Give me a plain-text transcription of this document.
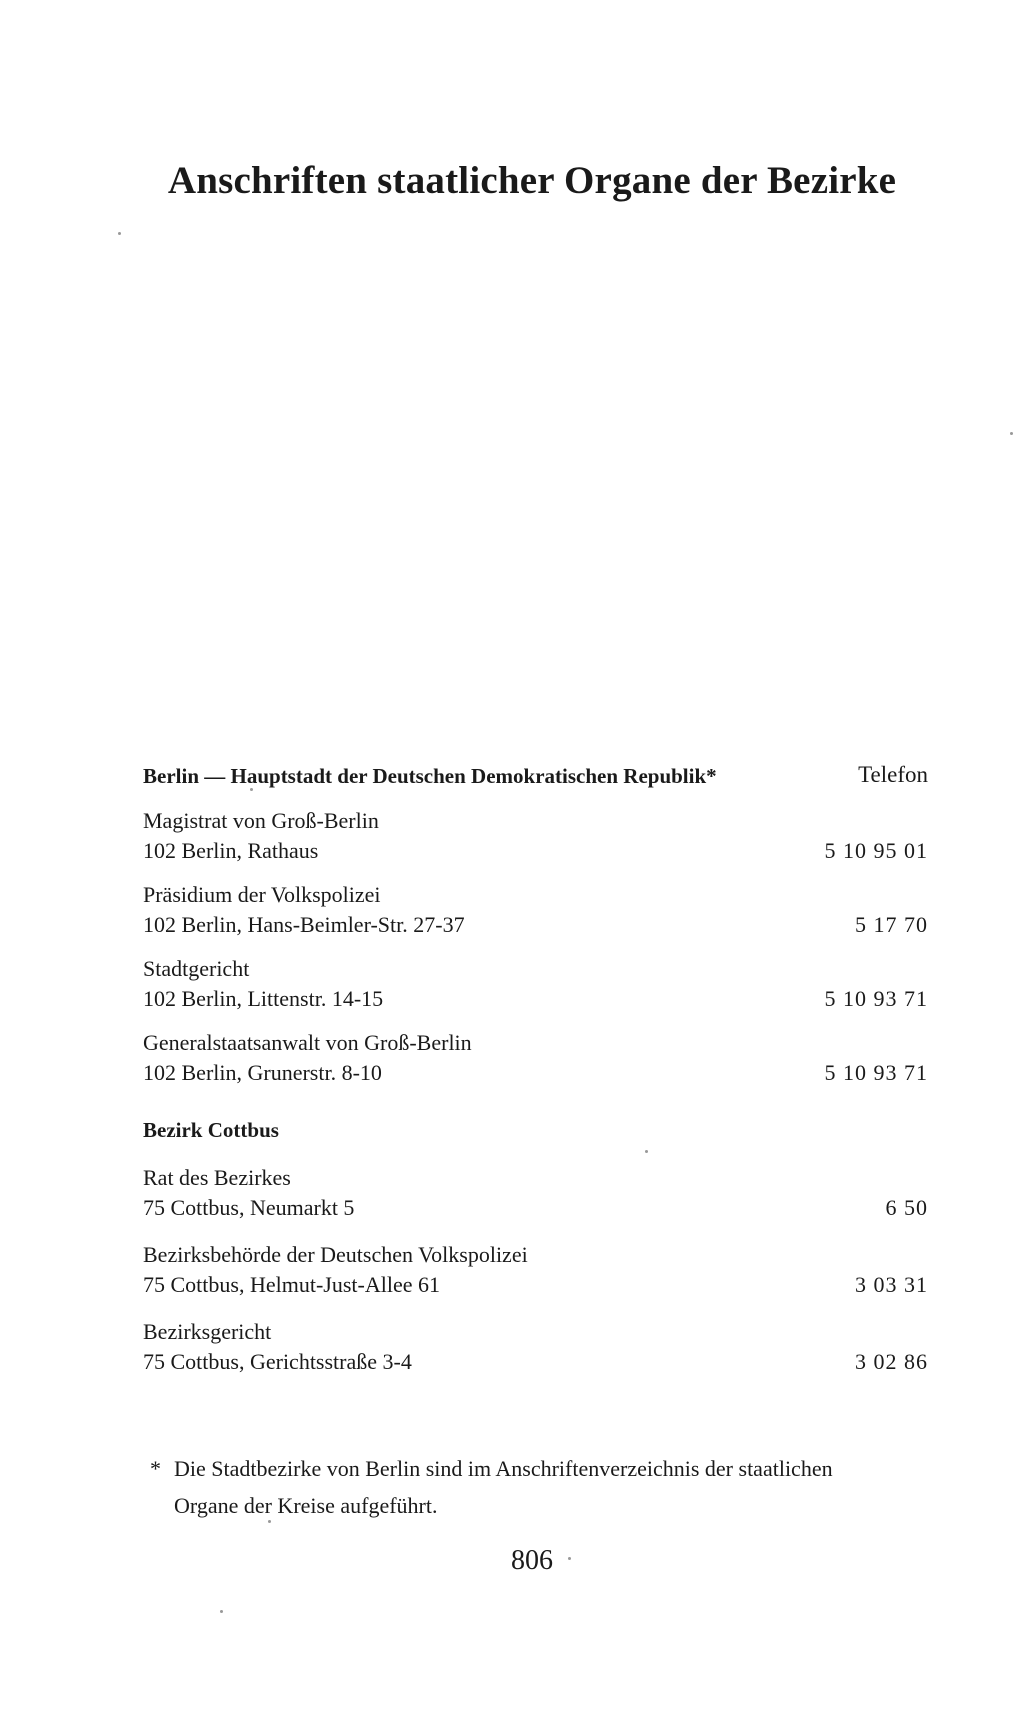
Anschriften staatlicher Organe der Bezirke
Telefon
Berlin — Hauptstadt der Deutschen Demokratischen Republik*
Magistrat von Groß-Berlin
102 Berlin, Rathaus	5 10 95 01
Präsidium der Volkspolizei
102 Berlin, Hans-Beimler-Str. 27-37	5 17 70
Stadtgericht
102 Berlin, Littenstr. 14-15	5 10 93 71
Generalstaatsanwalt von Groß-Berlin
102 Berlin, Grunerstr. 8-10	5 10 93 71
Bezirk Cottbus
Rat des Bezirkes
75 Cottbus, Neumarkt 5	6 50
Bezirksbehörde der Deutschen Volkspolizei
75 Cottbus, Helmut-Just-Allee 61	3 03 31
Bezirksgericht
75 Cottbus, Gerichtsstraße 3-4	3 02 86
* Die Stadtbezirke von Berlin sind im Anschriftenverzeichnis der staatlichen
Organe der Kreise aufgeführt.
806
